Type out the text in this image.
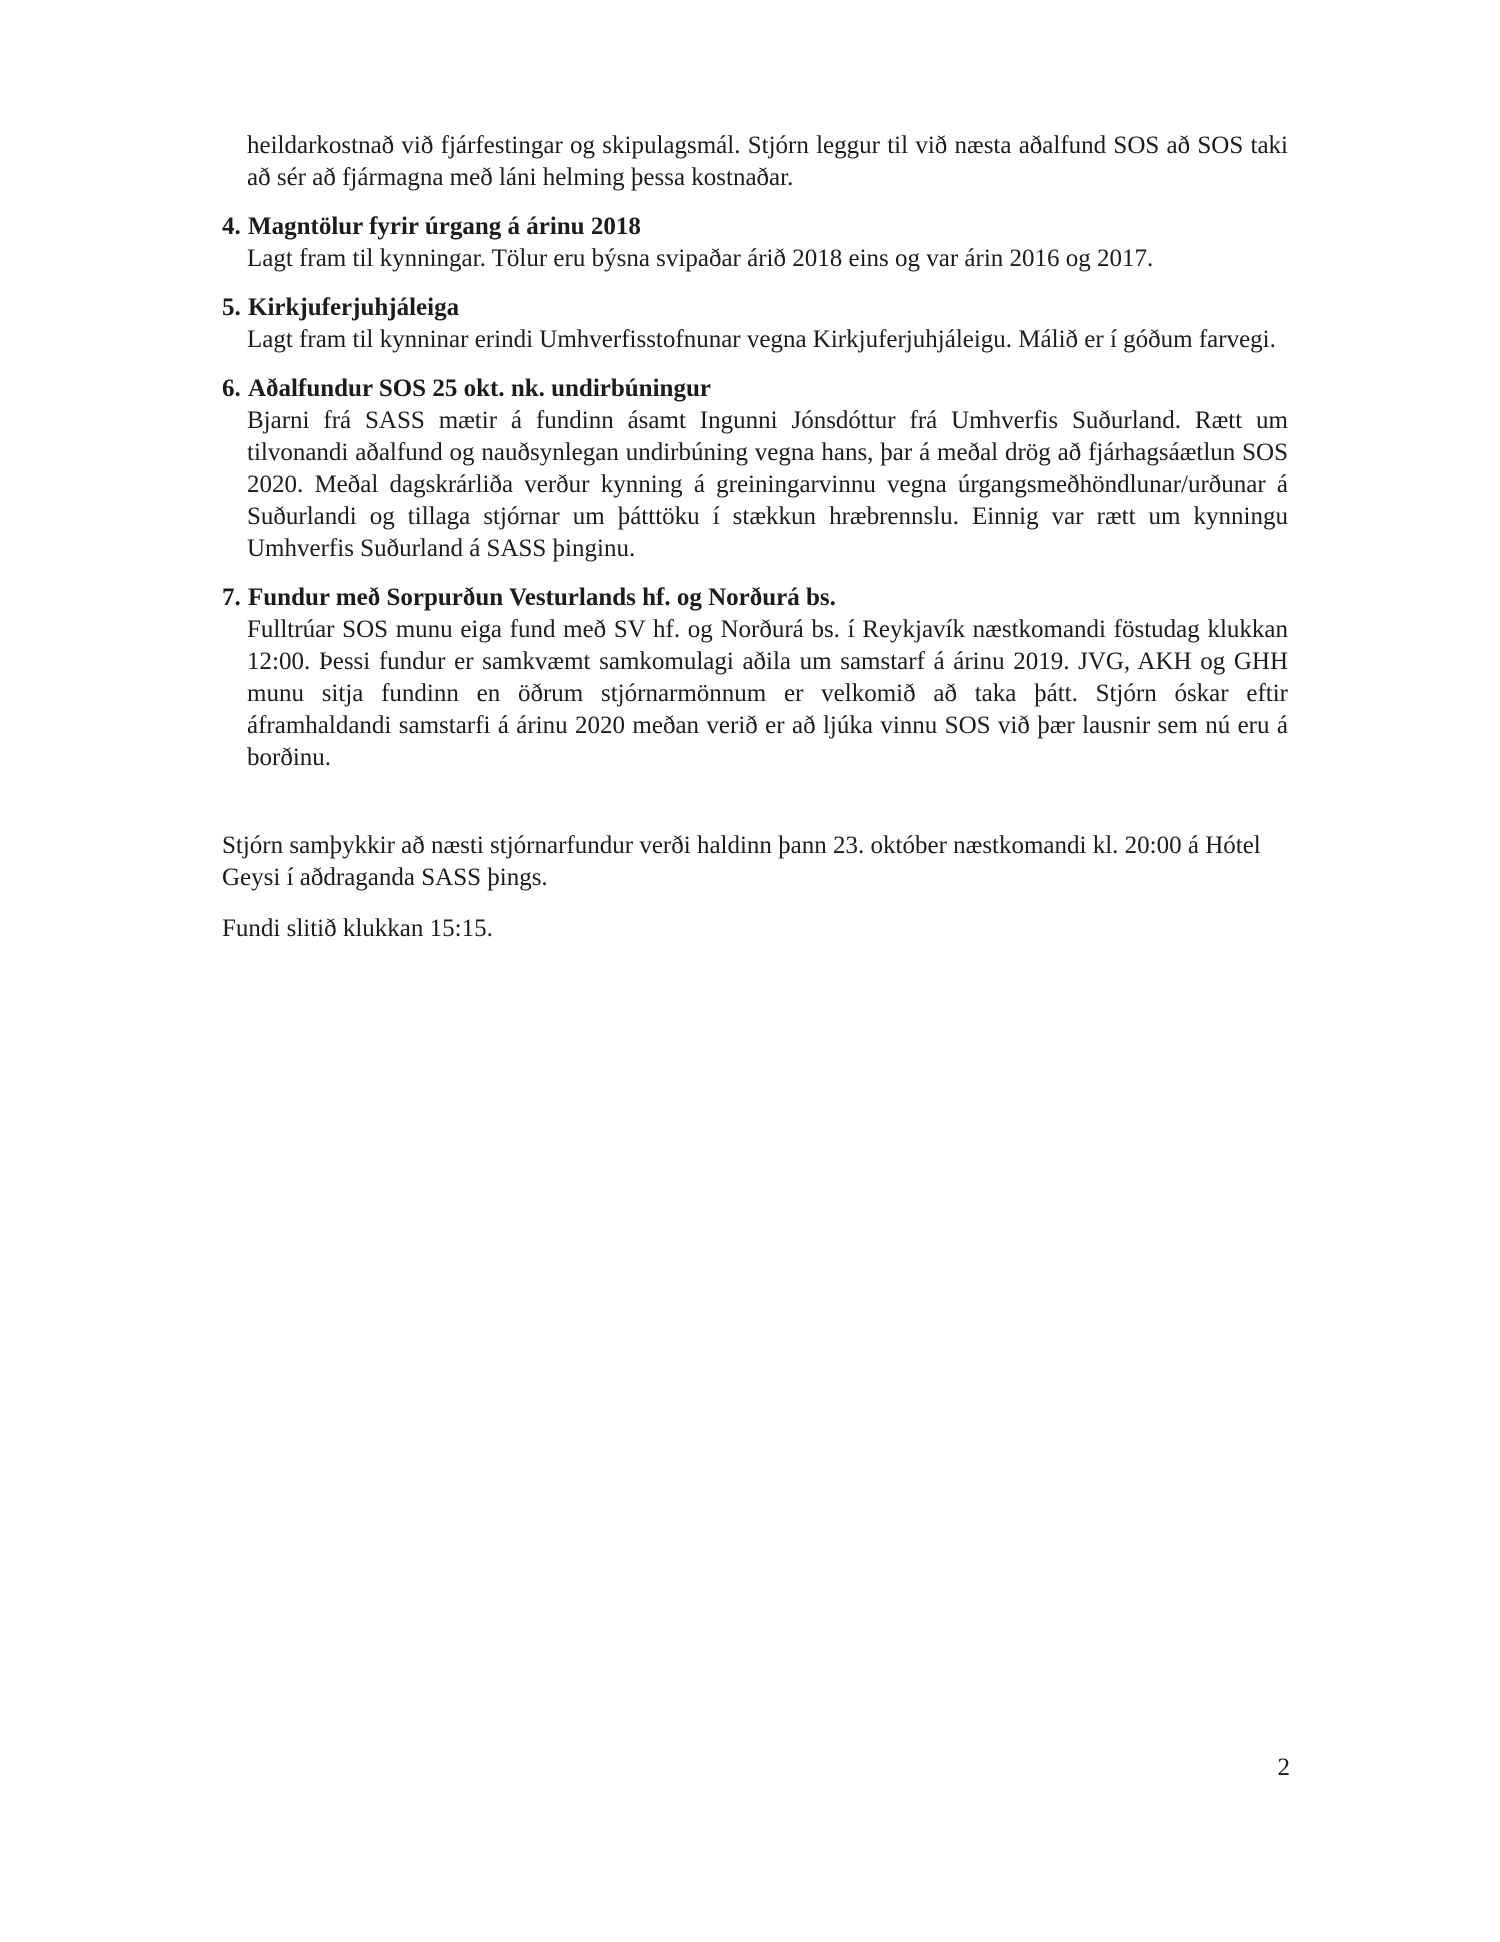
heildarkostnað við fjárfestingar og skipulagsmál. Stjórn leggur til við næsta aðalfund SOS að SOS taki að sér að fjármagna með láni helming þessa kostnaðar.

4. Magntölur fyrir úrgang á árinu 2018

Lagt fram til kynningar. Tölur eru býsna svipaðar árið 2018 eins og var árin 2016 og 2017.

5. Kirkjuferjuhjáleiga

Lagt fram til kynninar erindi Umhverfisstofnunar vegna Kirkjuferjuhjáleigu. Málið er í góðum farvegi.

6. Aðalfundur SOS 25 okt. nk. undirbúningur

Bjarni frá SASS mætir á fundinn ásamt Ingunni Jónsdóttur frá Umhverfis Suðurland. Rætt um tilvonandi aðalfund og nauðsynlegan undirbúning vegna hans, þar á meðal drög að fjárhagsáætlun SOS 2020. Meðal dagskrárliða verður kynning á greiningarvinnu vegna úrgangsmeðhöndlunar/urðunar á Suðurlandi og tillaga stjórnar um þátttöku í stækkun hræbrennslu. Einnig var rætt um kynningu Umhverfis Suðurland á SASS þinginu.

7. Fundur með Sorpurðun Vesturlands hf. og Norðurá bs.

Fulltrúar SOS munu eiga fund með SV hf. og Norðurá bs. í Reykjavík næstkomandi föstudag klukkan 12:00. Þessi fundur er samkvæmt samkomulagi aðila um samstarf á árinu 2019. JVG, AKH og GHH munu sitja fundinn en öðrum stjórnarmönnum er velkomið að taka þátt. Stjórn óskar eftir áframhaldandi samstarfi á árinu 2020 meðan verið er að ljúka vinnu SOS við þær lausnir sem nú eru á borðinu.

Stjórn samþykkir að næsti stjórnarfundur verði haldinn þann 23. október næstkomandi kl. 20:00 á Hótel Geysi í aðdraganda SASS þings.

Fundi slitið klukkan 15:15.

2
